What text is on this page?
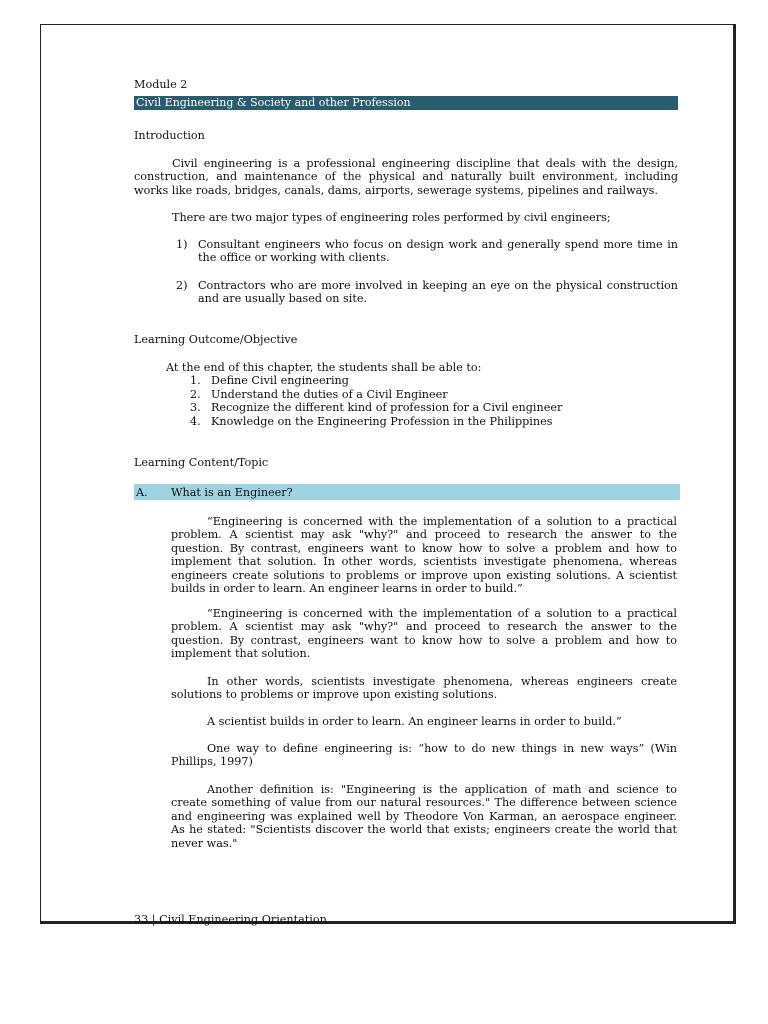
Module 2
Civil Engineering & Society and other Profession
Introduction
Civil engineering is a professional engineering discipline that deals with the design, construction, and maintenance of the physical and naturally built environment, including works like roads, bridges, canals, dams, airports, sewerage systems, pipelines and railways.
There are two major types of engineering roles performed by civil engineers;
1) Consultant engineers who focus on design work and generally spend more time in the office or working with clients.
2) Contractors who are more involved in keeping an eye on the physical construction and are usually based on site.
Learning Outcome/Objective
At the end of this chapter, the students shall be able to:
1. Define Civil engineering
2. Understand the duties of a Civil Engineer
3. Recognize the different kind of profession for a Civil engineer
4. Knowledge on the Engineering Profession in the Philippines
Learning Content/Topic
A. What is an Engineer?
“Engineering is concerned with the implementation of a solution to a practical problem. A scientist may ask "why?" and proceed to research the answer to the question. By contrast, engineers want to know how to solve a problem and how to implement that solution. In other words, scientists investigate phenomena, whereas engineers create solutions to problems or improve upon existing solutions. A scientist builds in order to learn. An engineer learns in order to build.”
“Engineering is concerned with the implementation of a solution to a practical problem. A scientist may ask "why?" and proceed to research the answer to the question. By contrast, engineers want to know how to solve a problem and how to implement that solution.
In other words, scientists investigate phenomena, whereas engineers create solutions to problems or improve upon existing solutions.
A scientist builds in order to learn. An engineer learns in order to build.”
One way to define engineering is: “how to do new things in new ways” (Win Phillips, 1997)
Another definition is: "Engineering is the application of math and science to create something of value from our natural resources." The difference between science and engineering was explained well by Theodore Von Karman, an aerospace engineer. As he stated: "Scientists discover the world that exists; engineers create the world that never was."
33 | Civil Engineering Orientation
